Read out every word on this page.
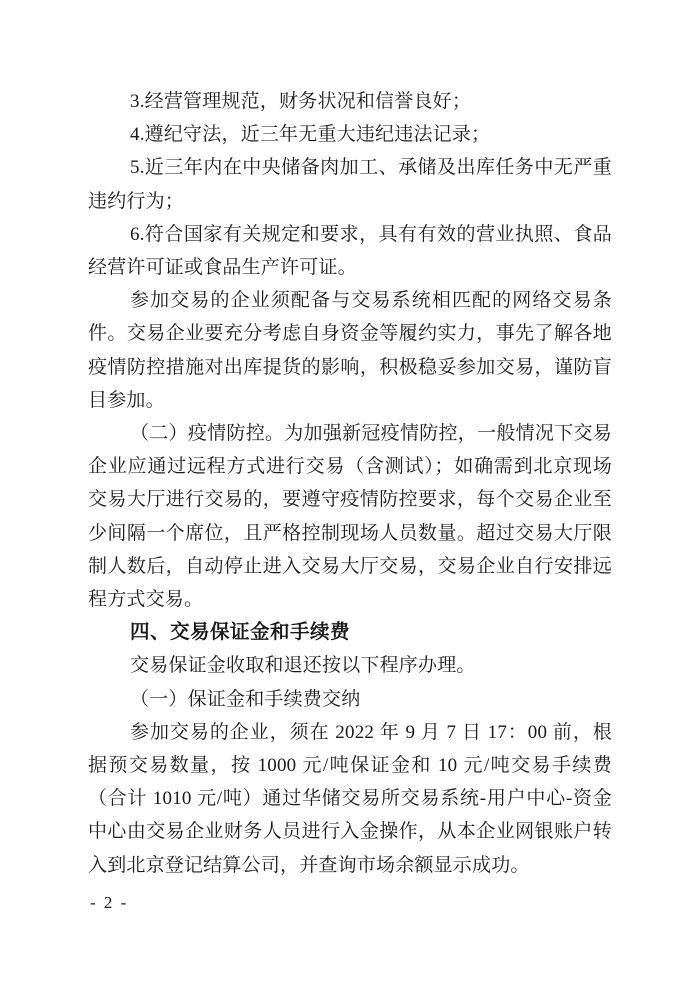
3.经营管理规范，财务状况和信誉良好；

4.遵纪守法，近三年无重大违纪违法记录；

5.近三年内在中央储备肉加工、承储及出库任务中无严重违约行为；

6.符合国家有关规定和要求，具有有效的营业执照、食品经营许可证或食品生产许可证。

参加交易的企业须配备与交易系统相匹配的网络交易条件。交易企业要充分考虑自身资金等履约实力，事先了解各地疫情防控措施对出库提货的影响，积极稳妥参加交易，谨防盲目参加。

（二）疫情防控。为加强新冠疫情防控，一般情况下交易企业应通过远程方式进行交易（含测试）；如确需到北京现场交易大厅进行交易的，要遵守疫情防控要求，每个交易企业至少间隔一个席位，且严格控制现场人员数量。超过交易大厅限制人数后，自动停止进入交易大厅交易，交易企业自行安排远程方式交易。

四、交易保证金和手续费

交易保证金收取和退还按以下程序办理。

（一）保证金和手续费交纳

参加交易的企业，须在 2022 年 9 月 7 日 17：00 前，根据预交易数量，按 1000 元/吨保证金和 10 元/吨交易手续费（合计 1010 元/吨）通过华储交易所交易系统-用户中心-资金中心由交易企业财务人员进行入金操作，从本企业网银账户转入到北京登记结算公司，并查询市场余额显示成功。

- 2 -
